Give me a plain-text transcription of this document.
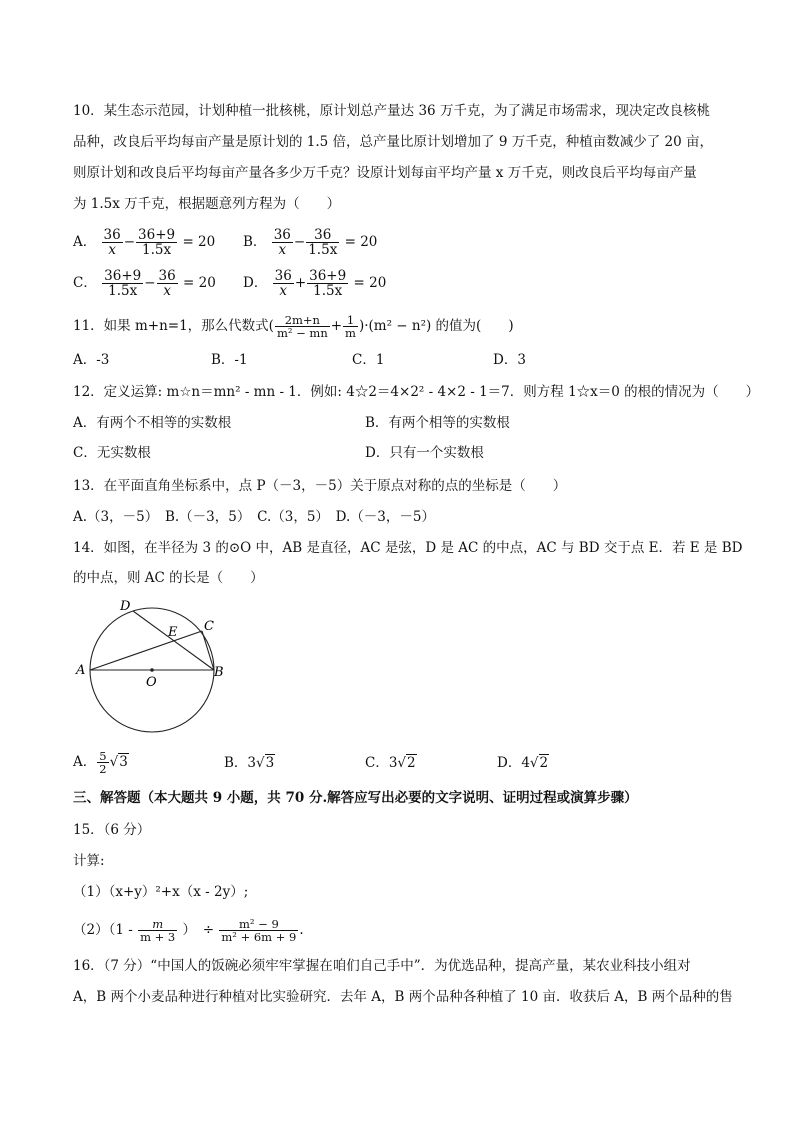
10．某生态示范园，计划种植一批核桃，原计划总产量达 36 万千克，为了满足市场需求，现决定改良核桃
品种，改良后平均每亩产量是原计划的 1.5 倍，总产量比原计划增加了 9 万千克，种植亩数减少了 20 亩，
则原计划和改良后平均每亩产量各多少万千克？设原计划每亩平均产量 x 万千克，则改良后平均每亩产量
为 1.5x 万千克，根据题意列方程为（　　）
A． $\frac{36}{x} - \frac{36+9}{1.5x} = 20$ B． $\frac{36}{x} - \frac{36}{1.5x} = 20$
C． $\frac{36+9}{1.5x} - \frac{36}{x} = 20$ D． $\frac{36}{x} + \frac{36+9}{1.5x} = 20$
11．如果 m+n=1，那么代数式( $\frac{2m+n}{\text{m² − mn}} + \frac{1}{m} )\cdot(m^2 - n^2)$ 的值为(　　)
A．-3	B．-1	C．1	D．3
12．定义运算: m☆n＝mn² - mn - 1．例如: 4☆2＝4×2² - 4×2 - 1＝7．则方程 1☆x＝0 的根的情况为（　　）
A．有两个不相等的实数根	B．有两个相等的实数根
C．无实数根	D．只有一个实数根
13．在平面直角坐标系中，点 P（－3，－5）关于原点对称的点的坐标是（　　）
A.（3，－5）　B.（－3，5）　C.（3，5）　D.（－3，－5）
14．如图，在半径为 3 的⊙O 中，AB 是直径，AC 是弦，D 是 AC 的中点，AC 与 BD 交于点 E．若 E 是 BD
的中点，则 AC 的长是（　　）
D
E C
A
O
B
A． $\frac{5}{2} √3$	B．3√3	C．3√2	D．4√2
三、解答题（本大题共 9 小题，共 70 分.解答应写出必要的文字说明、证明过程或演算步骤）
15．（6 分）
计算:
（1）（x+y）²+x（x - 2y）;
$(2)(1 - \frac{m}{m + 3}$ ）　÷ $\frac{\text{m² − 9}}{\text{m² + 6m + 9}}$ .
16．（7 分）“中国人的饭碗必须牢牢掌握在咱们自己手中”．为优选品种，提高产量，某农业科技小组对
A，B 两个小麦品种进行种植对比实验研究．去年 A，B 两个品种各种植了 10 亩．收获后 A，B 两个品种的售
